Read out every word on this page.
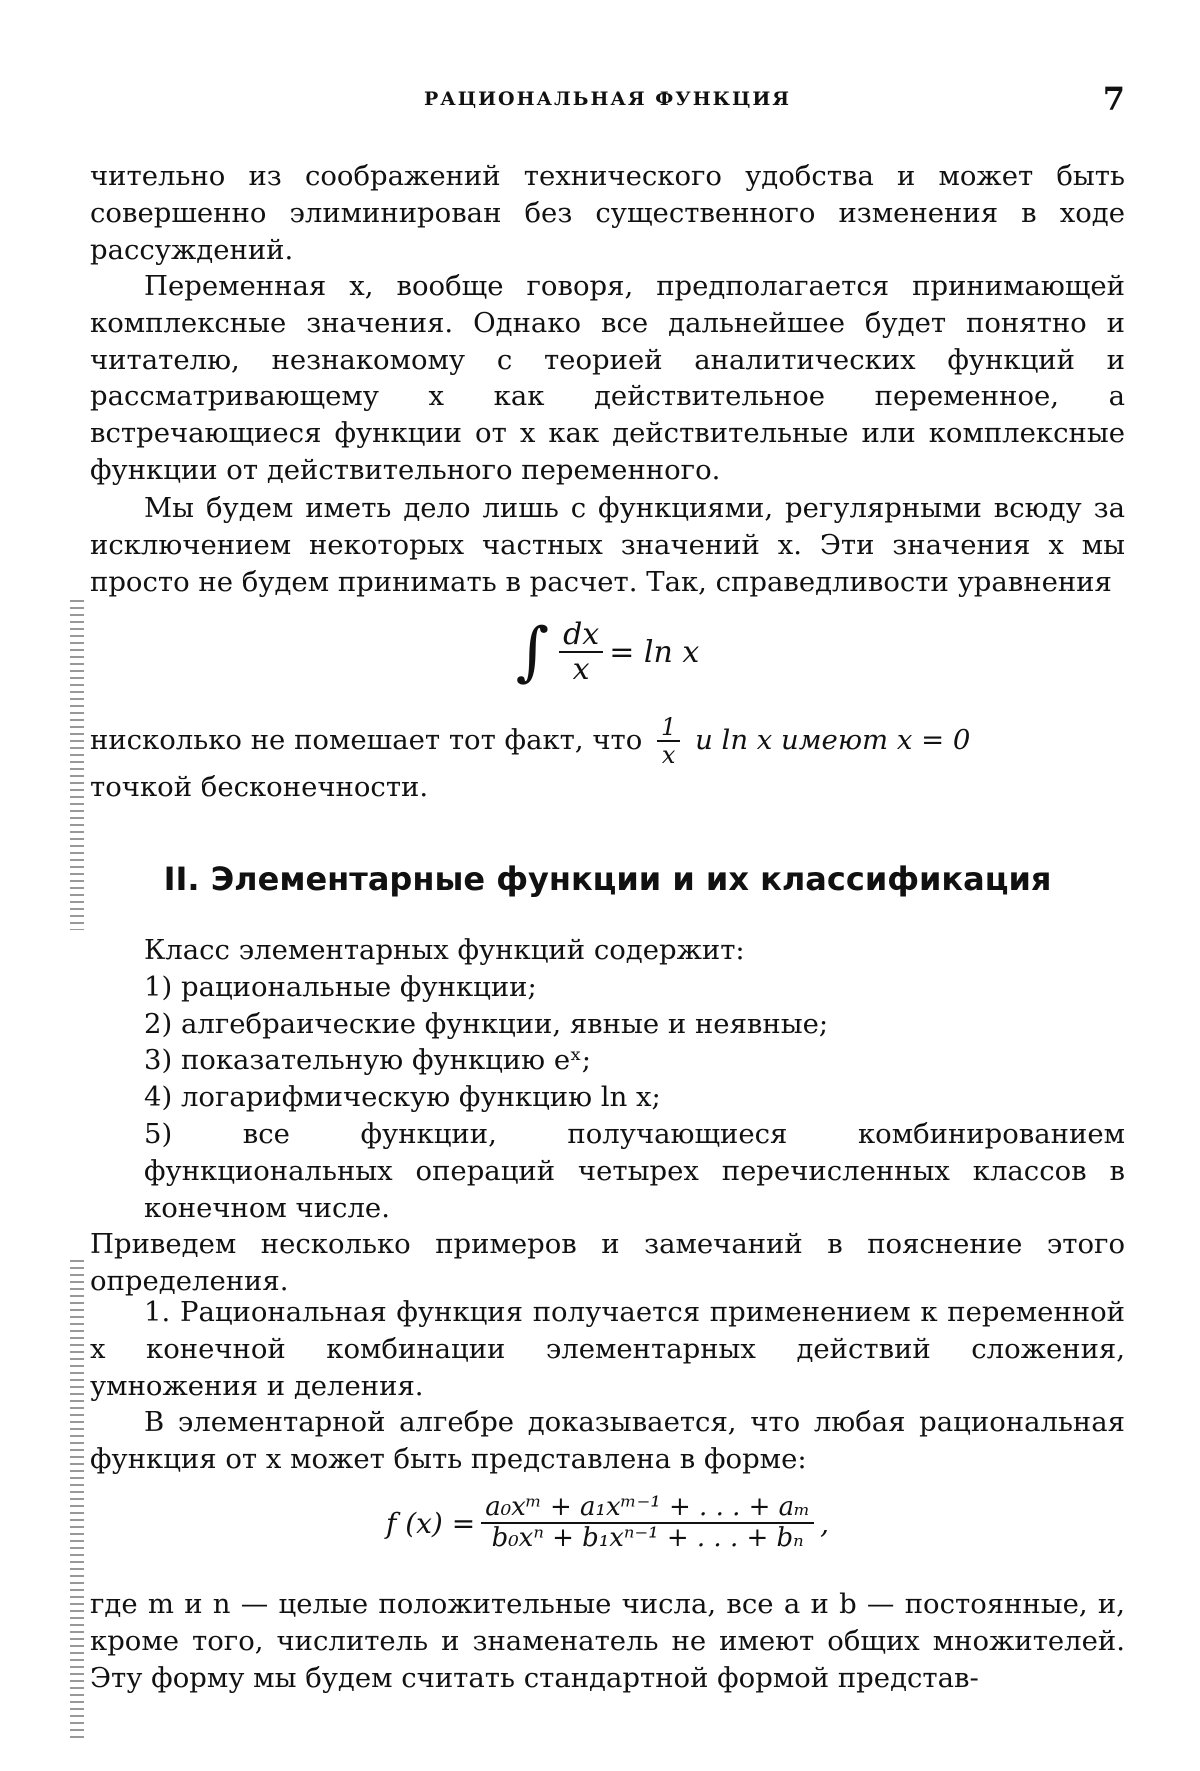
РАЦИОНАЛЬНАЯ ФУНКЦИЯ	7

чительно из соображений технического удобства и может быть совершенно элиминирован без существенного изменения в ходе рассуждений.

Переменная x, вообще говоря, предполагается принимающей комплексные значения. Однако все дальнейшее будет понятно и читателю, незнакомому с теорией аналитических функций и рассматривающему x как действительное переменное, а встречающиеся функции от x как действительные или комплексные функции от действительного переменного.

Мы будем иметь дело лишь с функциями, регулярными всюду за исключением некоторых частных значений x. Эти значения x мы просто не будем принимать в расчет. Так, справедливости уравнения

∫ $\frac{dx}{x} = \ln x$

нисколько не помешает тот факт, что $\frac{1}{x}$ и ln x имеют x = 0

точкой бесконечности.

II. Элементарные функции и их классификация

Класс элементарных функций содержит:

1) рациональные функции;
2) алгебраические функции, явные и неявные;
3) показательную функцию eˣ;
4) логарифмическую функцию ln x;
5) все функции, получающиеся комбинированием функциональных операций четырех перечисленных классов в конечном числе.

Приведем несколько примеров и замечаний в пояснение этого определения.

1. Рациональная функция получается применением к переменной x конечной комбинации элементарных действий сложения, умножения и деления.

В элементарной алгебре доказывается, что любая рациональная функция от x может быть представлена в форме:

f $(x) = \frac{\text{a₀xᵐ + a₁xᵐ⁻¹ + . . . + aₘ}}{\text{b₀xⁿ + b₁xⁿ⁻¹ + . . . + bₙ}}$ ,

где m и n — целые положительные числа, все a и b — постоянные, и, кроме того, числитель и знаменатель не имеют общих множителей. Эту форму мы будем считать стандартной формой представ-
